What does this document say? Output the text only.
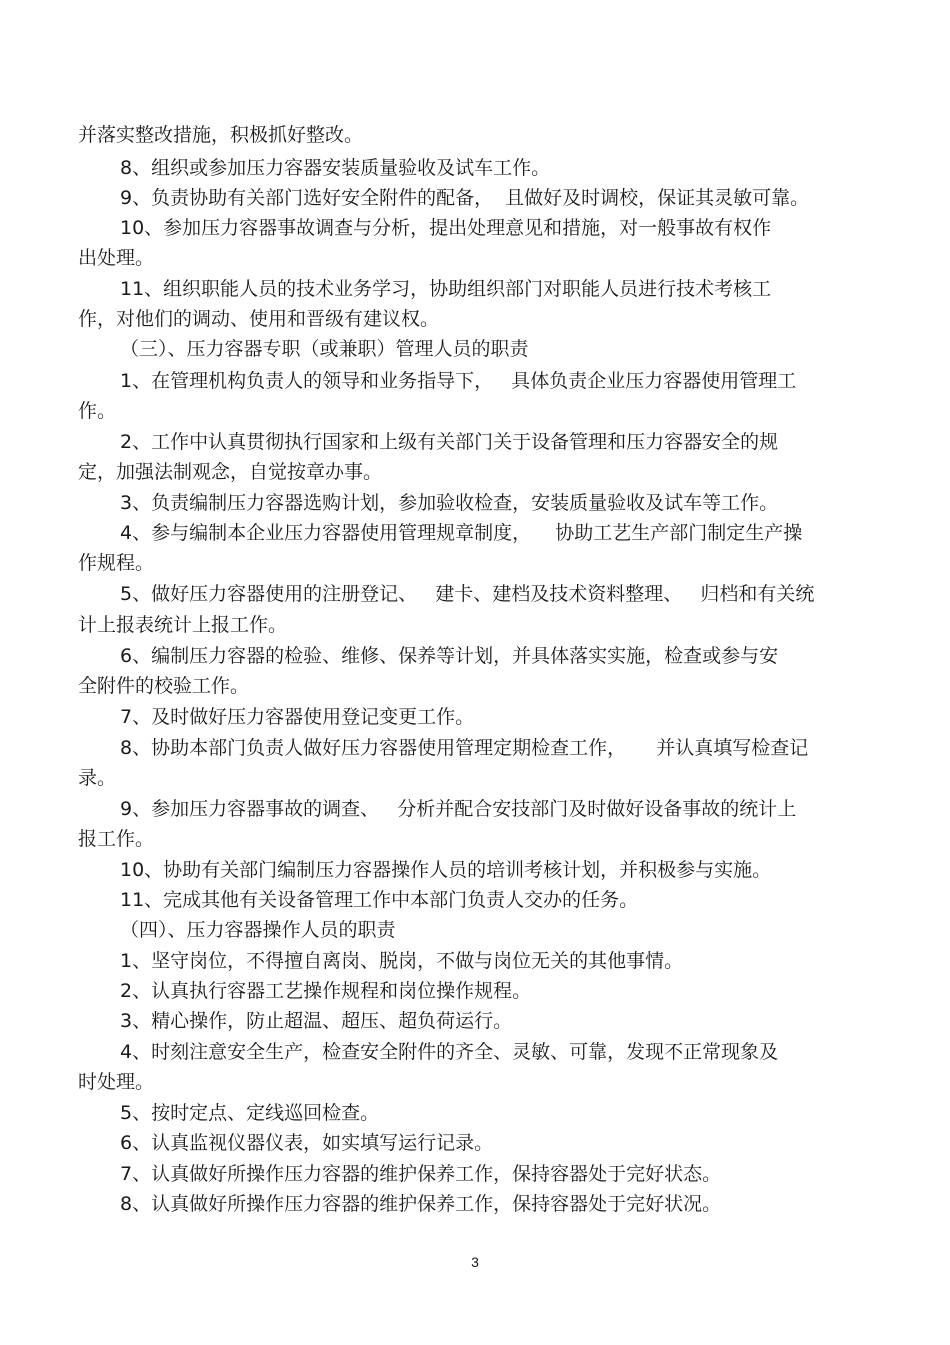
并落实整改措施，积极抓好整改。
8、组织或参加压力容器安装质量验收及试车工作。
9、负责协助有关部门选好安全附件的配备，  且做好及时调校，保证其灵敏可靠。
10、参加压力容器事故调查与分析，提出处理意见和措施，对一般事故有权作
出处理。
11、组织职能人员的技术业务学习，协助组织部门对职能人员进行技术考核工
作，对他们的调动、使用和晋级有建议权。
（三）、压力容器专职（或兼职）管理人员的职责
1、在管理机构负责人的领导和业务指导下，   具体负责企业压力容器使用管理工
作。
2、工作中认真贯彻执行国家和上级有关部门关于设备管理和压力容器安全的规
定，加强法制观念，自觉按章办事。
3、负责编制压力容器选购计划，参加验收检查，安装质量验收及试车等工作。
4、参与编制本企业压力容器使用管理规章制度，    协助工艺生产部门制定生产操
作规程。
5、做好压力容器使用的注册登记、   建卡、建档及技术资料整理、   归档和有关统
计上报表统计上报工作。
6、编制压力容器的检验、维修、保养等计划，并具体落实实施，检查或参与安
全附件的校验工作。
7、及时做好压力容器使用登记变更工作。
8、协助本部门负责人做好压力容器使用管理定期检查工作，     并认真填写检查记
录。
9、参加压力容器事故的调查、   分析并配合安技部门及时做好设备事故的统计上
报工作。
10、协助有关部门编制压力容器操作人员的培训考核计划，并积极参与实施。
11、完成其他有关设备管理工作中本部门负责人交办的任务。
（四）、压力容器操作人员的职责
1、坚守岗位，不得擅自离岗、脱岗，不做与岗位无关的其他事情。
2、认真执行容器工艺操作规程和岗位操作规程。
3、精心操作，防止超温、超压、超负荷运行。
4、时刻注意安全生产，检查安全附件的齐全、灵敏、可靠，发现不正常现象及
时处理。
5、按时定点、定线巡回检查。
6、认真监视仪器仪表，如实填写运行记录。
7、认真做好所操作压力容器的维护保养工作，保持容器处于完好状态。
8、认真做好所操作压力容器的维护保养工作，保持容器处于完好状况。
3
